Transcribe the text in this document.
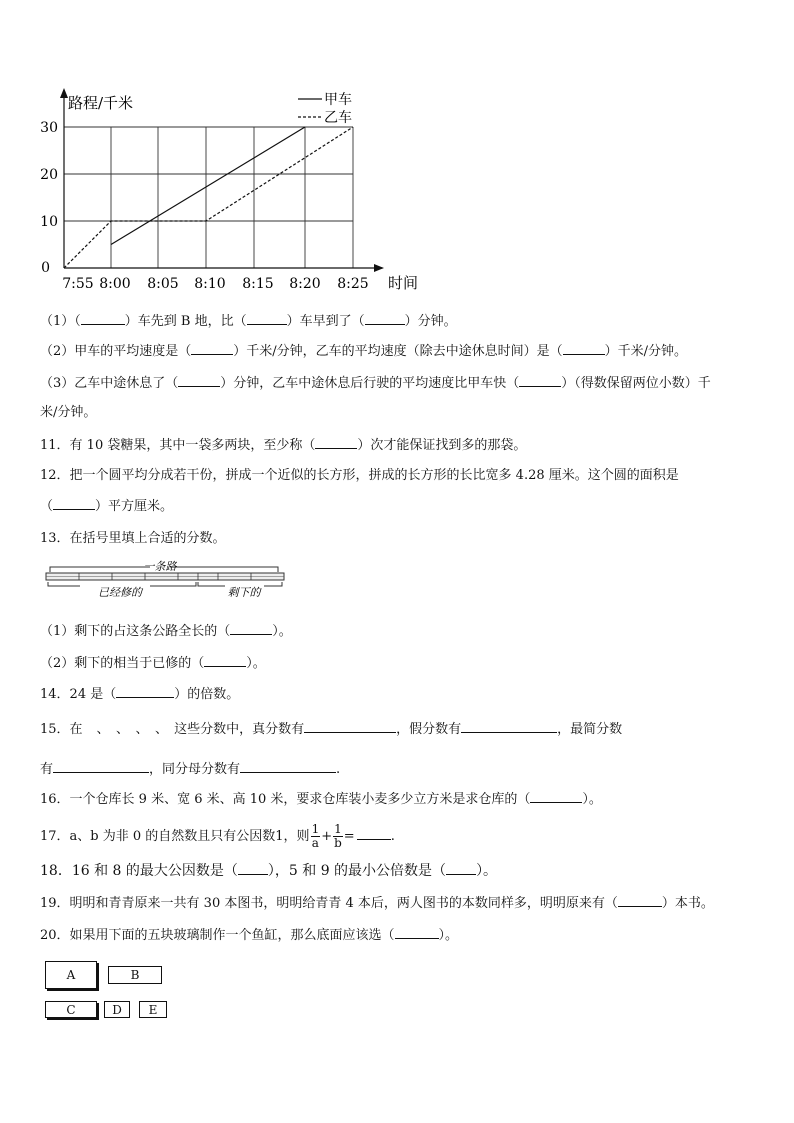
路程/千米
时间
0
10
20
30
7:55 8:00 8:05 8:10 8:15 8:20 8:25
甲车
乙车
（1）（	）车先到 B 地，比（	）车早到了（	）分钟。
（2）甲车的平均速度是（	）千米/分钟，乙车的平均速度（除去中途休息时间）是（	）千米/分钟。
（3）乙车中途休息了（	）分钟，乙车中途休息后行驶的平均速度比甲车快（	）（得数保留两位小数）千
米/分钟。
11．有 10 袋糖果，其中一袋多两块，至少称（	）次才能保证找到多的那袋。
12．把一个圆平均分成若干份，拼成一个近似的长方形，拼成的长方形的长比宽多 4.28 厘米。这个圆的面积是
（	）平方厘米。
13．在括号里填上合适的分数。
一条路
已经修的	剩下的
（1）剩下的占这条公路全长的（	）。
（2）剩下的相当于已修的（	）。
14．24 是（	）的倍数。
15．在 、　、　、　、 这些分数中，真分数有	，假分数有	，最简分数
有	，同分母分数有	.
16．一个仓库长 9 米、宽 6 米、高 10 米，要求仓库装小麦多少立方米是求仓库的（	）。
17．a、b 为非 0 的自然数且只有公因数1，则 $\frac{1}{a} + \frac{1}{b}$ =	.
18．16 和 8 的最大公因数是（ ），5 和 9 的最小公倍数是（ ）。
19．明明和青青原来一共有 30 本图书，明明给青青 4 本后，两人图书的本数同样多，明明原来有（	）本书。
20．如果用下面的五块玻璃制作一个鱼缸，那么底面应该选（	）。
A	B
C	D E
